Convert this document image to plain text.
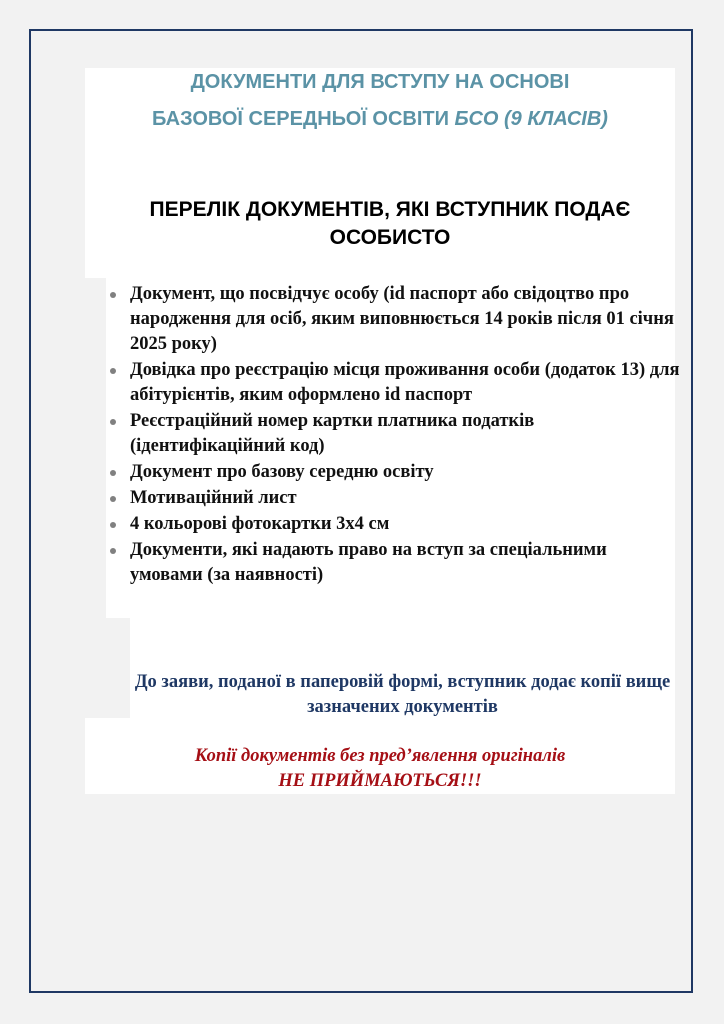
ДОКУМЕНТИ ДЛЯ ВСТУПУ НА ОСНОВІ

БАЗОВОЇ СЕРЕДНЬОЇ ОСВІТИ БСО (9 КЛАСІВ)

ПЕРЕЛІК ДОКУМЕНТІВ, ЯКІ ВСТУПНИК ПОДАЄ
ОСОБИСТО

Документ, що посвідчує особу (id паспорт або свідоцтво про народження для осіб, яким виповнюється 14 років після 01 січня 2025 року)
Довідка про реєстрацію місця проживання особи (додаток 13) для абітурієнтів, яким оформлено id паспорт
Реєстраційний номер картки платника податків (ідентифікаційний код)
Документ про базову середню освіту
Мотиваційний лист
4 кольорові фотокартки 3х4 см
Документи, які надають право на вступ за спеціальними умовами (за наявності)

До заяви, поданої в паперовій формі, вступник додає копії вище зазначених документів

Копії документів без пред’явлення оригіналів
НЕ ПРИЙМАЮТЬСЯ!!!
